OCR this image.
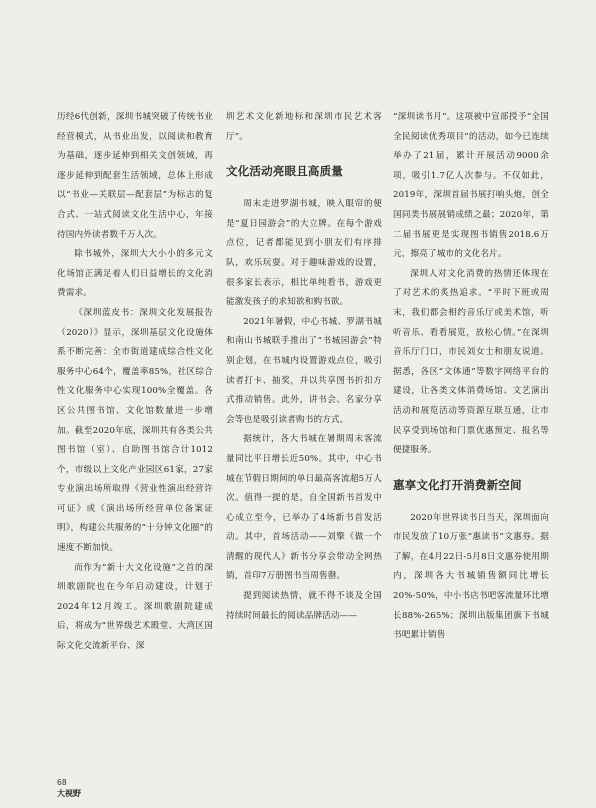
历经6代创新，深圳书城突破了传统书业经营模式，从书业出发，以阅读和教育为基础，逐步延伸到相关文创领域，再逐步延伸到配套生活领域，总体上形成以“书业—关联层—配套层”为标志的复合式、一站式阅读文化生活中心，年接待国内外读者数千万人次。

除书城外，深圳大大小小的多元文化场馆正满足着人们日益增长的文化消费需求。

《深圳蓝皮书：深圳文化发展报告（2020）》显示，深圳基层文化设施体系不断完善：全市街道建成综合性文化服务中心64个，覆盖率85%，社区综合性文化服务中心实现100%全覆盖。各区公共图书馆、文化馆数量进一步增加。截至2020年底，深圳共有各类公共图书馆（室）、自助图书馆合计1012个，市级以上文化产业园区61家，27家专业演出场所取得《营业性演出经营许可证》或《演出场所经营单位备案证明》，构建公共服务的“十分钟文化圈”的速度不断加快。

而作为“新十大文化设施”之首的深圳歌剧院也在今年启动建设，计划于2024年12月竣工。深圳歌剧院建成后，将成为“世界级艺术殿堂、大湾区国际文化交流新平台、深

圳艺术文化新地标和深圳市民艺术客厅”。

文化活动亮眼且高质量

周末走进罗湖书城，映入眼帘的便是“夏日园游会”的大立牌。在每个游戏点位，记者都能见到小朋友们有序排队，欢乐玩耍。对于趣味游戏的设置，很多家长表示，相比单纯看书，游戏更能激发孩子的求知欲和购书欲。

2021年暑假，中心书城、罗湖书城和南山书城联手推出了“书城园游会”特别企划，在书城内设置游戏点位，吸引读者打卡、抽奖，并以共享图书折扣方式推动销售。此外，讲书会、名家分享会等也是吸引读者购书的方式。

据统计，各大书城在暑期周末客流量同比平日增长近50%。其中，中心书城在节假日期间的单日最高客流超5万人次。值得一提的是，自全国新书首发中心成立至今，已举办了4场新书首发活动。其中，首场活动——刘擎《做一个清醒的现代人》新书分享会带动全网热销，首印7万册图书当周售罄。

提到阅读热情，就不得不谈及全国持续时间最长的阅读品牌活动——

“深圳读书月”。这项被中宣部授予“全国全民阅读优秀项目”的活动，如今已连续举办了21届，累计开展活动9000余项，吸引1.7亿人次参与。不仅如此，2019年，深圳首届书展打响头炮，创全国同类书展展销成绩之最；2020年，第二届书展更是实现图书销售2018.6万元，擦亮了城市的文化名片。

深圳人对文化消费的热情还体现在了对艺术的炙热追求。“平时下班或周末，我们都会相约音乐厅或美术馆，听听音乐、看看展览，放松心情。”在深圳音乐厅门口，市民刘女士和朋友说道。据悉，各区“文体通”等数字网络平台的建设，让各类文体消费场馆、文艺演出活动和展览活动等资源互联互通，让市民享受到场馆和门票优惠预定、报名等便捷服务。

惠享文化打开消费新空间

2020年世界读书日当天，深圳面向市民发放了10万张“惠读书”文惠券。据了解，在4月22日-5月8日文惠券使用期内，深圳各大书城销售额同比增长20%-50%，中小书店书吧客流量环比增长88%-265%；深圳出版集团旗下书城书吧累计销售

68
大视野
